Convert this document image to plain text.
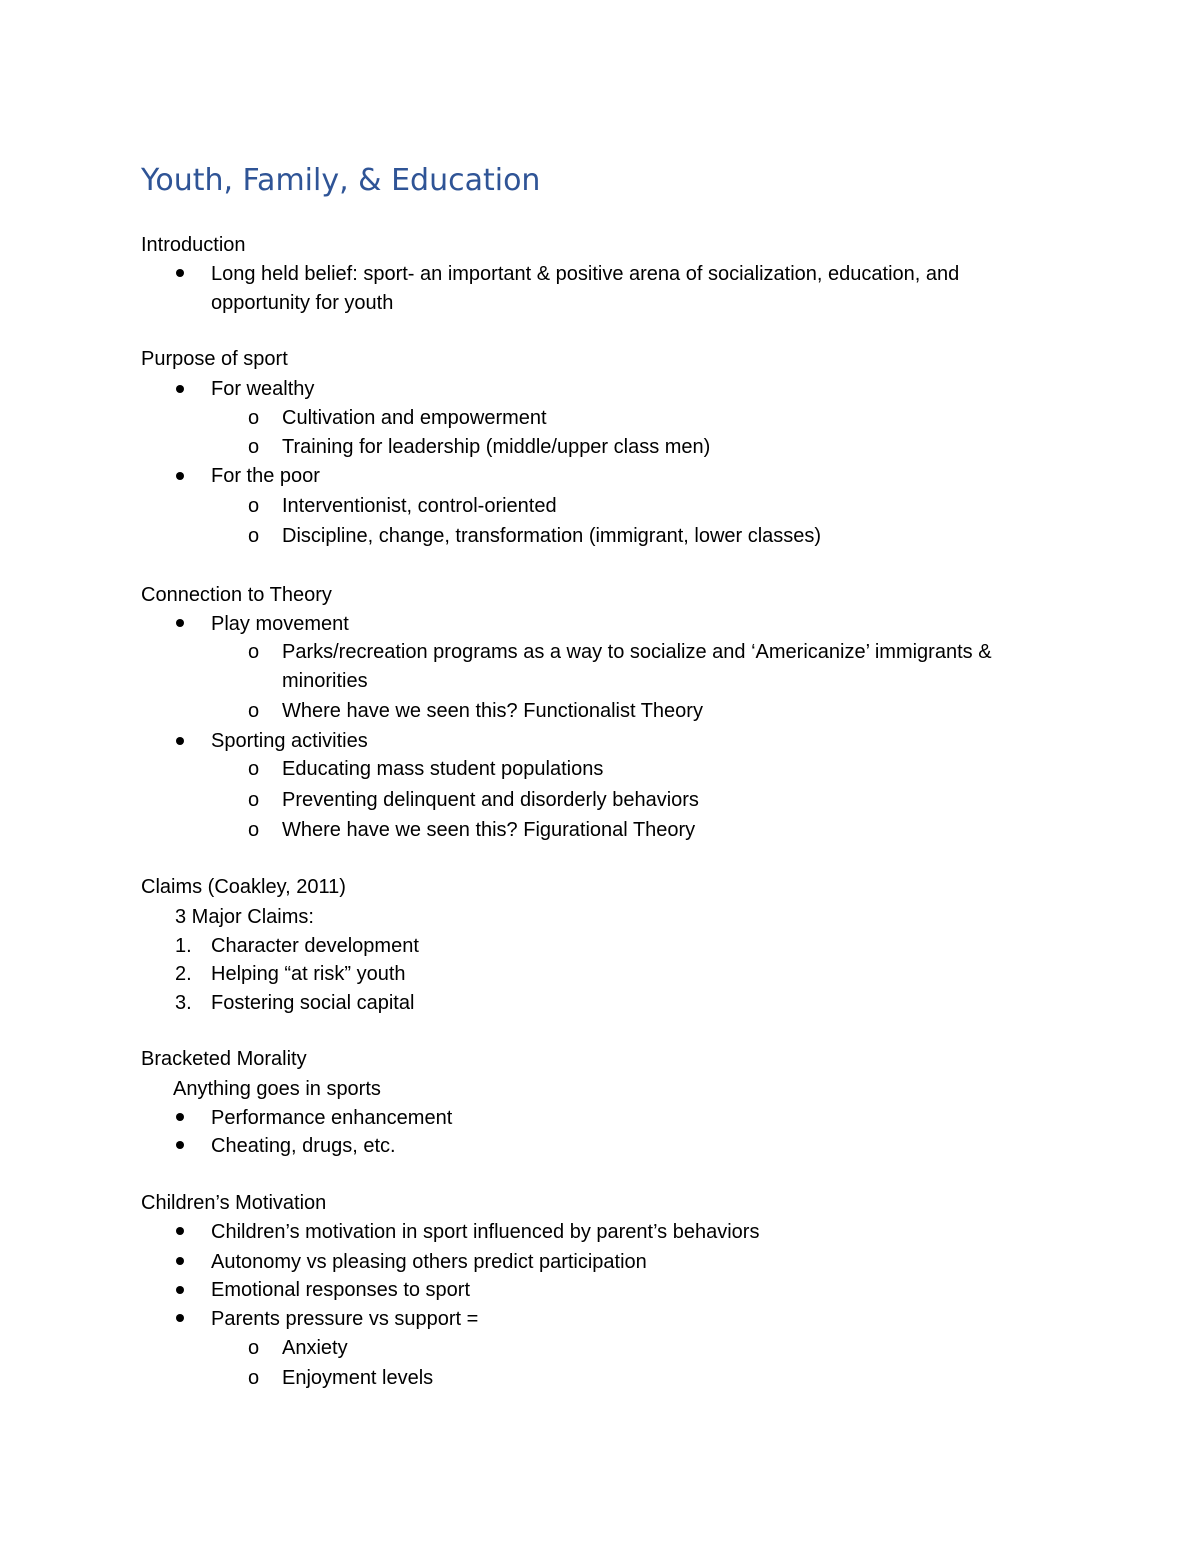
Youth, Family, & Education
Introduction
Long held belief: sport- an important & positive arena of socialization, education, and
opportunity for youth
Purpose of sport
For wealthy
o Cultivation and empowerment
o Training for leadership (middle/upper class men)
For the poor
o Interventionist, control-oriented
o Discipline, change, transformation (immigrant, lower classes)
Connection to Theory
Play movement
o Parks/recreation programs as a way to socialize and ‘Americanize’ immigrants &
minorities
o Where have we seen this? Functionalist Theory
Sporting activities
o Educating mass student populations
o Preventing delinquent and disorderly behaviors
o Where have we seen this? Figurational Theory
Claims (Coakley, 2011)
3 Major Claims:
1. Character development
2. Helping “at risk” youth
3. Fostering social capital
Bracketed Morality
Anything goes in sports
Performance enhancement
Cheating, drugs, etc.
Children’s Motivation
Children’s motivation in sport influenced by parent’s behaviors
Autonomy vs pleasing others predict participation
Emotional responses to sport
Parents pressure vs support =
o Anxiety
o Enjoyment levels
